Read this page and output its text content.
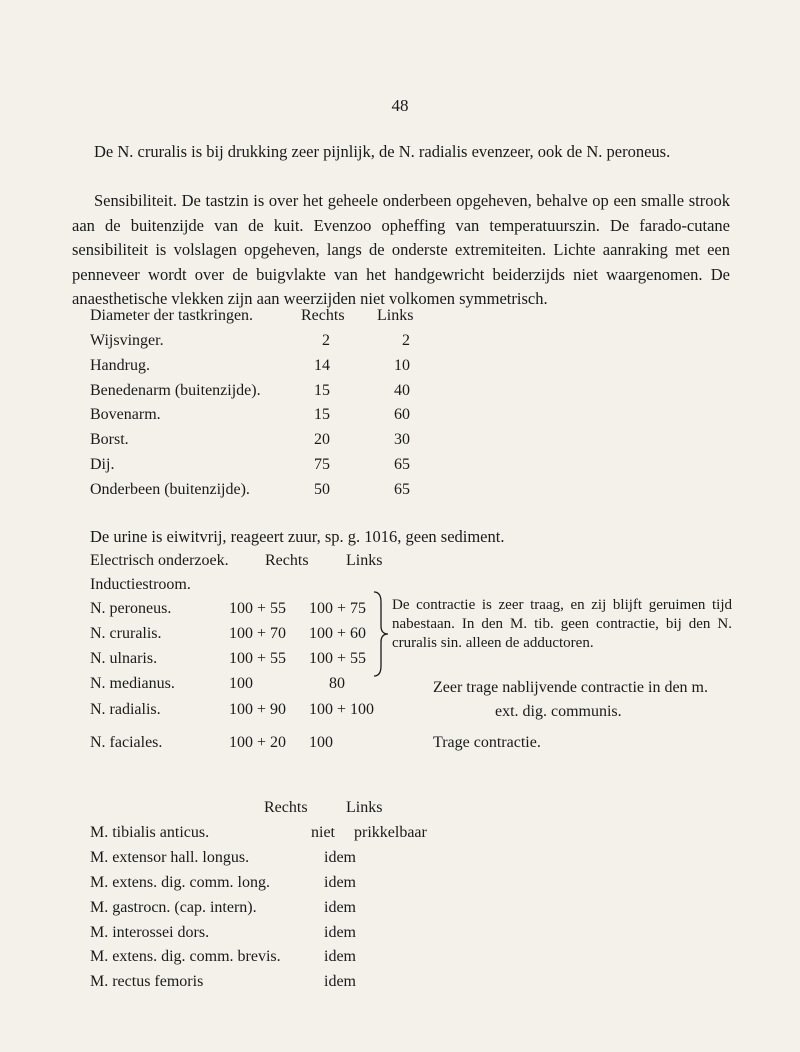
48

De N. cruralis is bij drukking zeer pijnlijk, de N. radialis evenzeer, ook de N. peroneus.

Sensibiliteit. De tastzin is over het geheele onderbeen opgeheven, behalve op een smalle strook aan de buitenzijde van de kuit. Evenzoo opheffing van temperatuurszin. De farado-cutane sensibiliteit is volslagen opgeheven, langs de onderste extremiteiten. Lichte aanraking met een penneveer wordt over de buigvlakte van het handgewricht beiderzijds niet waargenomen. De anaesthetische vlekken zijn aan weerzijden niet volkomen symmetrisch.

Diameter der tastkringen.	Rechts Links
Wijsvinger.	2	2
Handrug.	14	10
Benedenarm (buitenzijde).	15	40
Bovenarm.	15	60
Borst.	20	30
Dij.	75	65
Onderbeen (buitenzijde).	50	65
De urine is eiwitvrij, reageert zuur, sp. g. 1016, geen sediment.
Electrisch onderzoek. Rechts Links
Inductiestroom.
N. peroneus.	100 + 55 100 + 75
N. cruralis.	100 + 70 100 + 60
N. ulnaris.	100 + 55 100 + 55
N. medianus.	100	80
N. radialis.	100 + 90 100 + 100
N. faciales.	100 + 20 100
De contractie is zeer traag, en zij blijft geruimen tijd nabestaan. In den M. tib. geen contractie, bij den N. cruralis sin. alleen de adductoren.
Zeer trage nablijvende contractie in den m.
ext. dig. communis.
Trage contractie.
Rechts Links
M. tibialis anticus.	niet prikkelbaar
M. extensor hall. longus.	idem
M. extens. dig. comm. long.	idem
M. gastrocn. (cap. intern).	idem
M. interossei dors.	idem
M. extens. dig. comm. brevis.	idem
M. rectus femoris	idem
